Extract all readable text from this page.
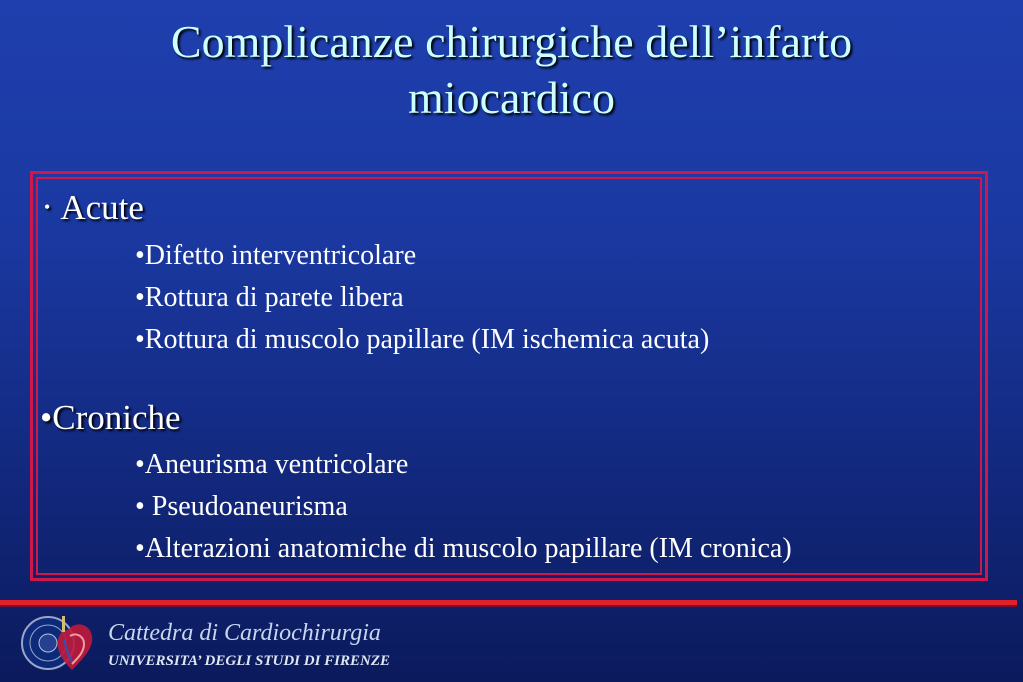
Complicanze chirurgiche dell’infarto
miocardico
• Acute
•Difetto interventricolare
•Rottura di parete libera
•Rottura di muscolo papillare (IM ischemica acuta)
•Croniche
•Aneurisma ventricolare
• Pseudoaneurisma
•Alterazioni anatomiche di muscolo papillare (IM cronica)
Cattedra di Cardiochirurgia
UNIVERSITA’ DEGLI STUDI DI FIRENZE
